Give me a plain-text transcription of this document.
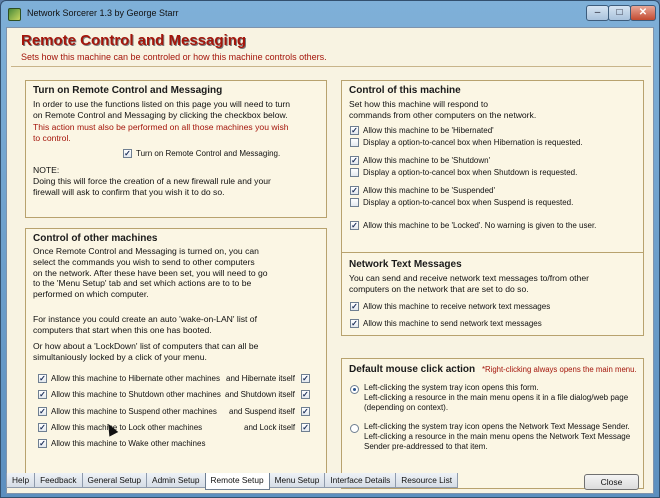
Network Sorcerer 1.3 by George Starr	–	□	✕
Remote Control and Messaging
Sets how this machine can be controled or how this machine controls others.
Turn on Remote Control and Messaging
In order to use the functions listed on this page you will need to turn
on Remote Control and Messaging by clicking the checkbox below.
This action must also be performed on all those machines you wish
to control.
✓ Turn on Remote Control and Messaging.
NOTE:
Doing this will force the creation of a new firewall rule and your
firewall will ask to confirm that you wish it to do so.
Control of other machines
Once Remote Control and Messaging is turned on, you can
select the commands you wish to send to other computers
on the network. After these have been set, you will need to go
to the 'Menu Setup' tab and set which actions are to to be
performed on which computer.
For instance you could create an auto 'wake-on-LAN' list of
computers that start when this one has booted.
Or how about a 'LockDown' list of computers that can all be
simultaniously locked by a click of your menu.
✓ Allow this machine to Hibernate other machines and Hibernate itself ✓
✓ Allow this machine to Shutdown other machines and Shutdown itself ✓
✓ Allow this machine to Suspend other machines and Suspend itself ✓
✓ Allow this machine to Lock other machines	and Lock itself ✓
✓ Allow this machine to Wake other machines
Control of this machine
Set how this machine will respond to
commands from other computers on the network.
✓ Allow this machine to be 'Hibernated'
Display a option-to-cancel box when Hibernation is requested.
✓ Allow this machine to be 'Shutdown'
Display a option-to-cancel box when Shutdown is requested.
✓ Allow this machine to be 'Suspended'
Display a option-to-cancel box when Suspend is requested.
✓ Allow this machine to be 'Locked'. No warning is given to the user.
Network Text Messages
You can send and receive network text messages to/from other
computers on the network that are set to do so.
✓ Allow this machine to receive network text messages
✓ Allow this machine to send network text messages
Default mouse click action *Right-clicking always opens the main menu.
Left-clicking the system tray icon opens this form.
Left-clicking a resource in the main menu opens it in a file dialog/web page
(depending on context).
Left-clicking the system tray icon opens the Network Text Message Sender.
Left-clicking a resource in the main menu opens the Network Text Message
Sender pre-addressed to that item.
Help	Feedback	General Setup	Admin Setup	Remote Setup	Menu Setup	Interface Details	Resource List	Close
